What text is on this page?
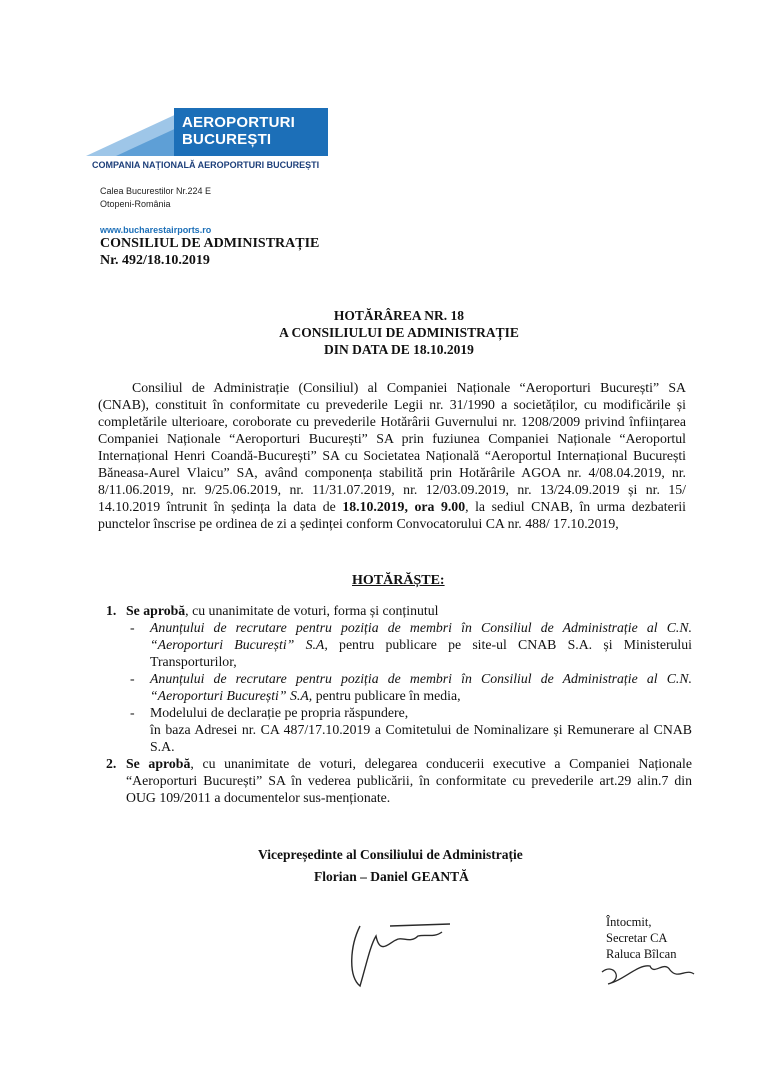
AEROPORTURI
BUCUREȘTI
COMPANIA NAȚIONALĂ AEROPORTURI BUCUREȘTI
Calea Bucurestilor Nr.224 E
Otopeni-România
www.bucharestairports.ro
CONSILIUL DE ADMINISTRAȚIE
Nr. 492/18.10.2019
HOTĂRÂREA NR. 18
A CONSILIULUI DE ADMINISTRAȚIE
DIN DATA DE 18.10.2019

Consiliul de Administrație (Consiliul) al Companiei Naționale “Aeroporturi București” SA (CNAB), constituit în conformitate cu prevederile Legii nr. 31/1990 a societăților, cu modificările și completările ulterioare, coroborate cu prevederile Hotărârii Guvernului nr. 1208/2009 privind înființarea Companiei Naționale “Aeroporturi București” SA prin fuziunea Companiei Naționale “Aeroportul Internațional Henri Coandă-București” SA cu Societatea Națională “Aeroportul Internațional București Băneasa-Aurel Vlaicu” SA, având componența stabilită prin Hotărârile AGOA nr. 4/08.04.2019, nr. 8/11.06.2019, nr. 9/25.06.2019, nr. 11/31.07.2019, nr. 12/03.09.2019, nr. 13/24.09.2019 și nr. 15/ 14.10.2019 întrunit în ședința la data de 18.10.2019, ora 9.00, la sediul CNAB, în urma dezbaterii punctelor înscrise pe ordinea de zi a ședinței conform Convocatorului CA nr. 488/ 17.10.2019,

HOTĂRĂȘTE:
1. Se aprobă, cu unanimitate de voturi, forma și conținutul
- Anunțului de recrutare pentru poziția de membri în Consiliul de Administrație al C.N. “Aeroporturi București” S.A, pentru publicare pe site-ul CNAB S.A. și Ministerului Transporturilor,
- Anunțului de recrutare pentru poziția de membri în Consiliul de Administrație al C.N. “Aeroporturi București” S.A, pentru publicare în media,
- Modelului de declarație pe propria răspundere,
în baza Adresei nr. CA 487/17.10.2019 a Comitetului de Nominalizare și Remunerare al CNAB S.A.
2. Se aprobă, cu unanimitate de voturi, delegarea conducerii executive a Companiei Naționale “Aeroporturi București” SA în vederea publicării, în conformitate cu prevederile art.29 alin.7 din OUG 109/2011 a documentelor sus-menționate.
Vicepreședinte al Consiliului de Administrație
Florian – Daniel GEANTĂ
Întocmit,
Secretar CA
Raluca Bîlcan
